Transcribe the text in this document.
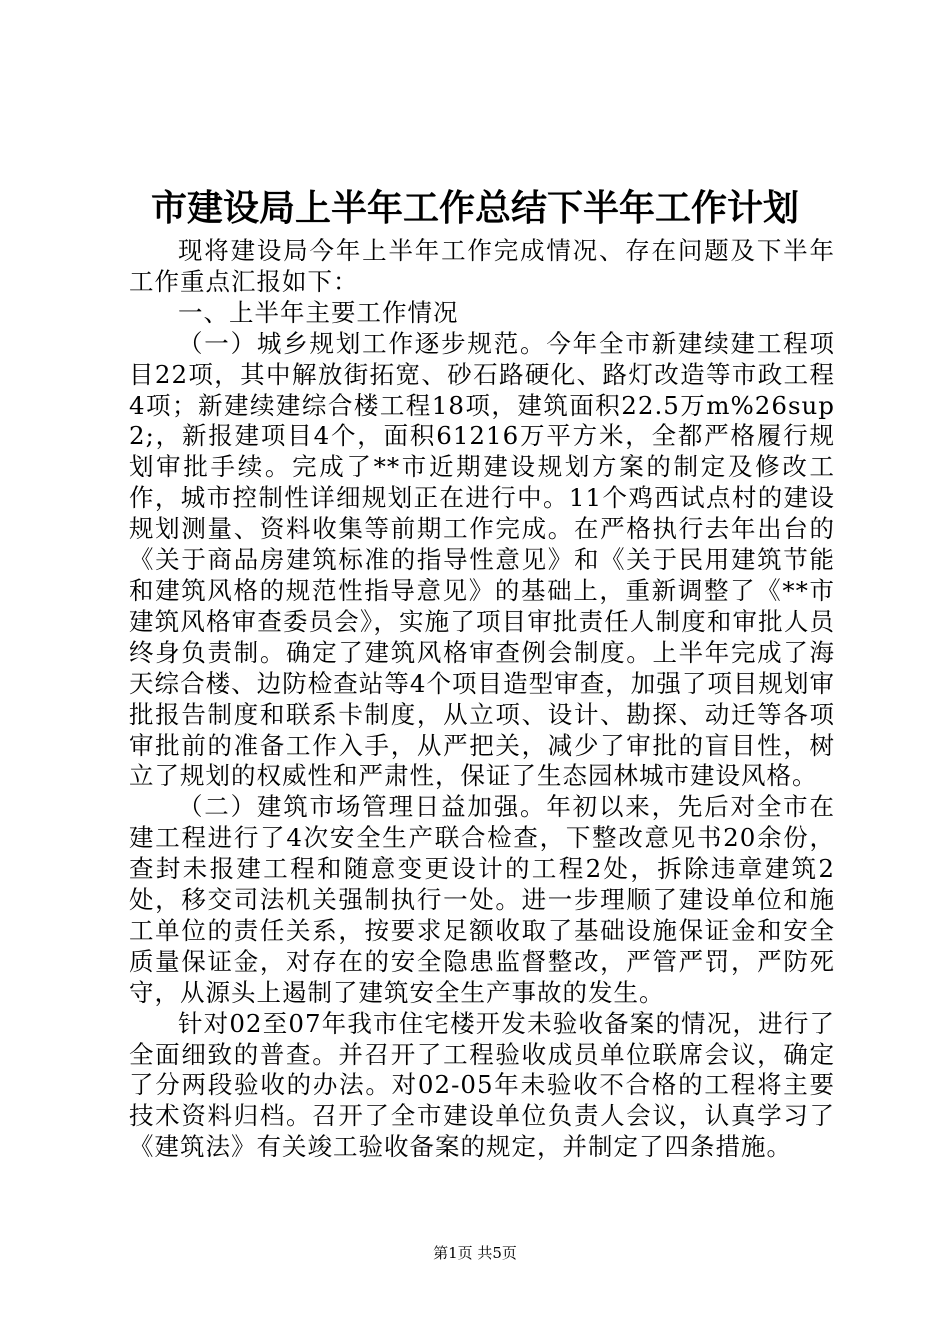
市建设局上半年工作总结下半年工作计划

现将建设局今年上半年工作完成情况、存在问题及下半年工作重点汇报如下：

一、上半年主要工作情况

（一）城乡规划工作逐步规范。今年全市新建续建工程项目22项，其中解放街拓宽、砂石路硬化、路灯改造等市政工程4项；新建续建综合楼工程18项，建筑面积22.5万m%26sup2;，新报建项目4个，面积61216万平方米，全都严格履行规划审批手续。完成了**市近期建设规划方案的制定及修改工作，城市控制性详细规划正在进行中。11个鸡西试点村的建设规划测量、资料收集等前期工作完成。在严格执行去年出台的《关于商品房建筑标准的指导性意见》和《关于民用建筑节能和建筑风格的规范性指导意见》的基础上，重新调整了《**市建筑风格审查委员会》，实施了项目审批责任人制度和审批人员终身负责制。确定了建筑风格审查例会制度。上半年完成了海天综合楼、边防检查站等4个项目造型审查，加强了项目规划审批报告制度和联系卡制度，从立项、设计、勘探、动迁等各项审批前的准备工作入手，从严把关，减少了审批的盲目性，树立了规划的权威性和严肃性，保证了生态园林城市建设风格。

（二）建筑市场管理日益加强。年初以来，先后对全市在建工程进行了4次安全生产联合检查，下整改意见书20余份，查封未报建工程和随意变更设计的工程2处，拆除违章建筑2处，移交司法机关强制执行一处。进一步理顺了建设单位和施工单位的责任关系，按要求足额收取了基础设施保证金和安全质量保证金，对存在的安全隐患监督整改，严管严罚，严防死守，从源头上遏制了建筑安全生产事故的发生。

针对02至07年我市住宅楼开发未验收备案的情况，进行了全面细致的普查。并召开了工程验收成员单位联席会议，确定了分两段验收的办法。对02-05年未验收不合格的工程将主要技术资料归档。召开了全市建设单位负责人会议，认真学习了《建筑法》有关竣工验收备案的规定，并制定了四条措施。

第1页 共5页
